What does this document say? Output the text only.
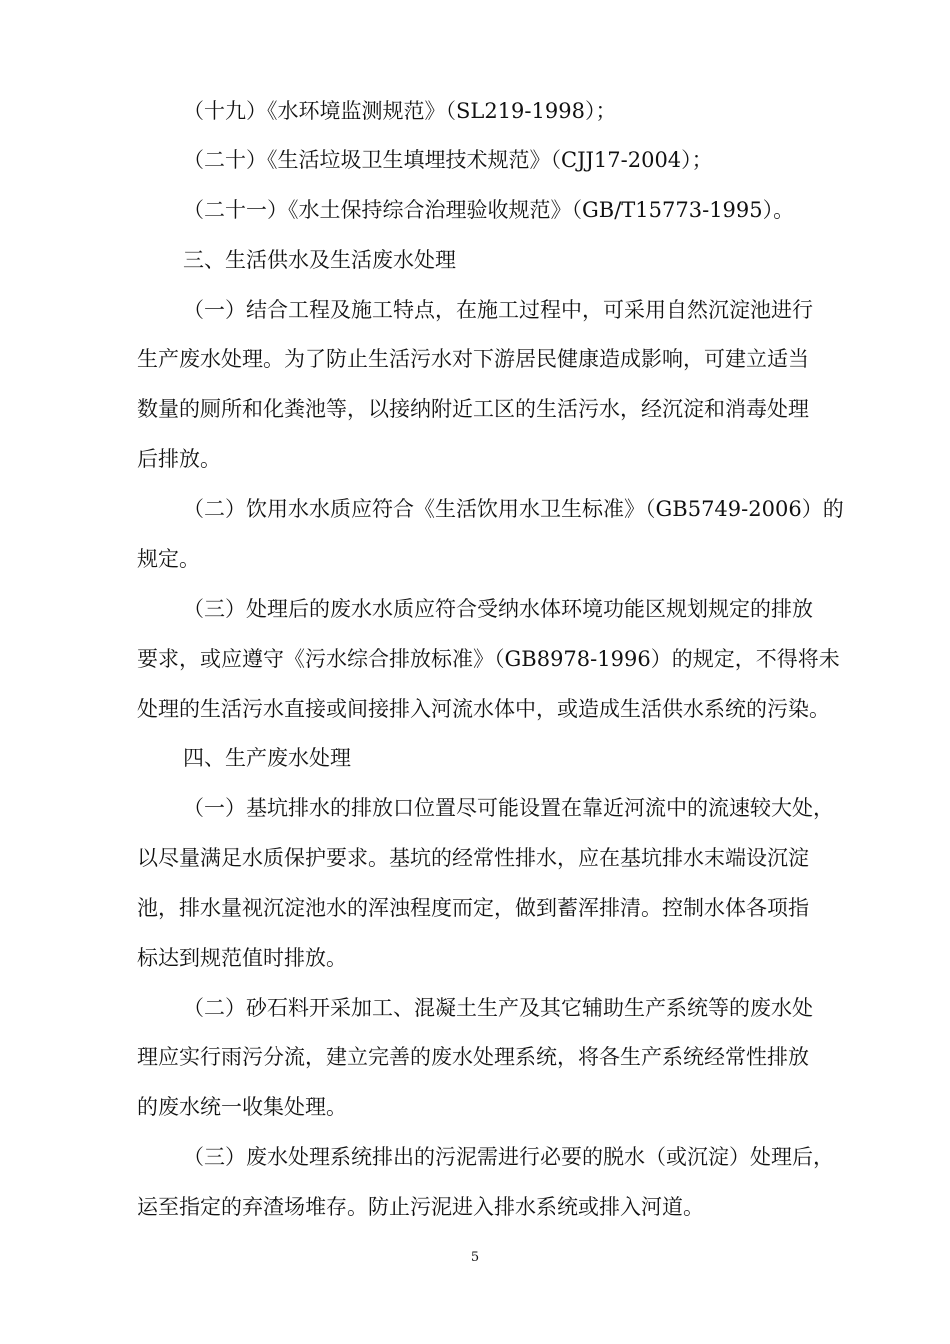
（十九）《水环境监测规范》（SL219-1998）；
（二十）《生活垃圾卫生填埋技术规范》（CJJ17-2004）；
（二十一）《水土保持综合治理验收规范》（GB/T15773-1995）。
三、生活供水及生活废水处理
（一）结合工程及施工特点，在施工过程中，可采用自然沉淀池进行
生产废水处理。为了防止生活污水对下游居民健康造成影响，可建立适当
数量的厕所和化粪池等，以接纳附近工区的生活污水，经沉淀和消毒处理
后排放。
（二）饮用水水质应符合《生活饮用水卫生标准》（GB5749-2006）的
规定。
（三）处理后的废水水质应符合受纳水体环境功能区规划规定的排放
要求，或应遵守《污水综合排放标准》（GB8978-1996）的规定，不得将未
处理的生活污水直接或间接排入河流水体中，或造成生活供水系统的污染。
四、生产废水处理
（一）基坑排水的排放口位置尽可能设置在靠近河流中的流速较大处，
以尽量满足水质保护要求。基坑的经常性排水，应在基坑排水末端设沉淀
池，排水量视沉淀池水的浑浊程度而定，做到蓄浑排清。控制水体各项指
标达到规范值时排放。
（二）砂石料开采加工、混凝土生产及其它辅助生产系统等的废水处
理应实行雨污分流，建立完善的废水处理系统，将各生产系统经常性排放
的废水统一收集处理。
（三）废水处理系统排出的污泥需进行必要的脱水（或沉淀）处理后，
运至指定的弃渣场堆存。防止污泥进入排水系统或排入河道。
5
